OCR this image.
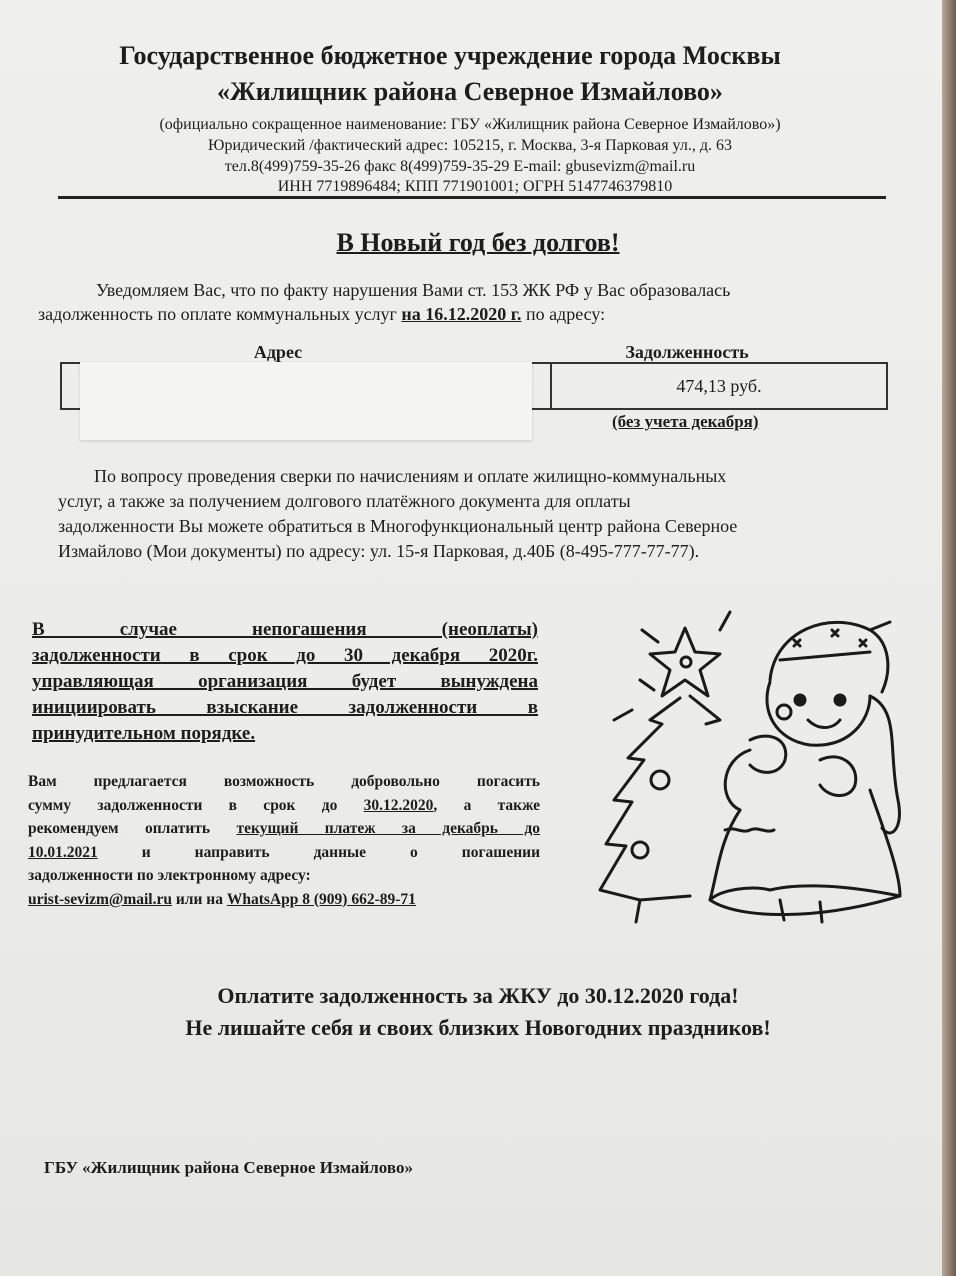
Государственное бюджетное учреждение города Москвы
«Жилищник района Северное Измайлово»
(официально сокращенное наименование: ГБУ «Жилищник района Северное Измайлово»)
Юридический /фактический адрес: 105215, г. Москва, 3-я Парковая ул., д. 63
тел.8(499)759-35-26 факс 8(499)759-35-29 E-mail: gbusevizm@mail.ru
ИНН 7719896484; КПП 771901001; ОГРН 5147746379810
В Новый год без долгов!
Уведомляем Вас, что по факту нарушения Вами ст. 153 ЖК РФ у Вас образовалась
задолженность по оплате коммунальных услуг на 16.12.2020 г. по адресу:
Адрес	Задолженность
	474,13 руб.
(без учета декабря)
По вопросу проведения сверки по начислениям и оплате жилищно-коммунальных
услуг, а также за получением долгового платёжного документа для оплаты
задолженности Вы можете обратиться в Многофункциональный центр района Северное
Измайлово (Мои документы) по адресу: ул. 15-я Парковая, д.40Б (8-495-777-77-77).
В случае непогашения (неоплаты)
задолженности в срок до 30 декабря 2020г.
управляющая организация будет вынуждена
инициировать взыскание задолженности в
принудительном порядке.
Вам предлагается возможность добровольно погасить
сумму задолженности в срок до 30.12.2020, а также
рекомендуем оплатить текущий платеж за декабрь до
10.01.2021 и направить данные о погашении
задолженности по электронному адресу:
urist-sevizm@mail.ru или на WhatsApp 8 (909) 662-89-71
Оплатите задолженность за ЖКУ до 30.12.2020 года!
Не лишайте себя и своих близких Новогодних праздников!
ГБУ «Жилищник района Северное Измайлово»
